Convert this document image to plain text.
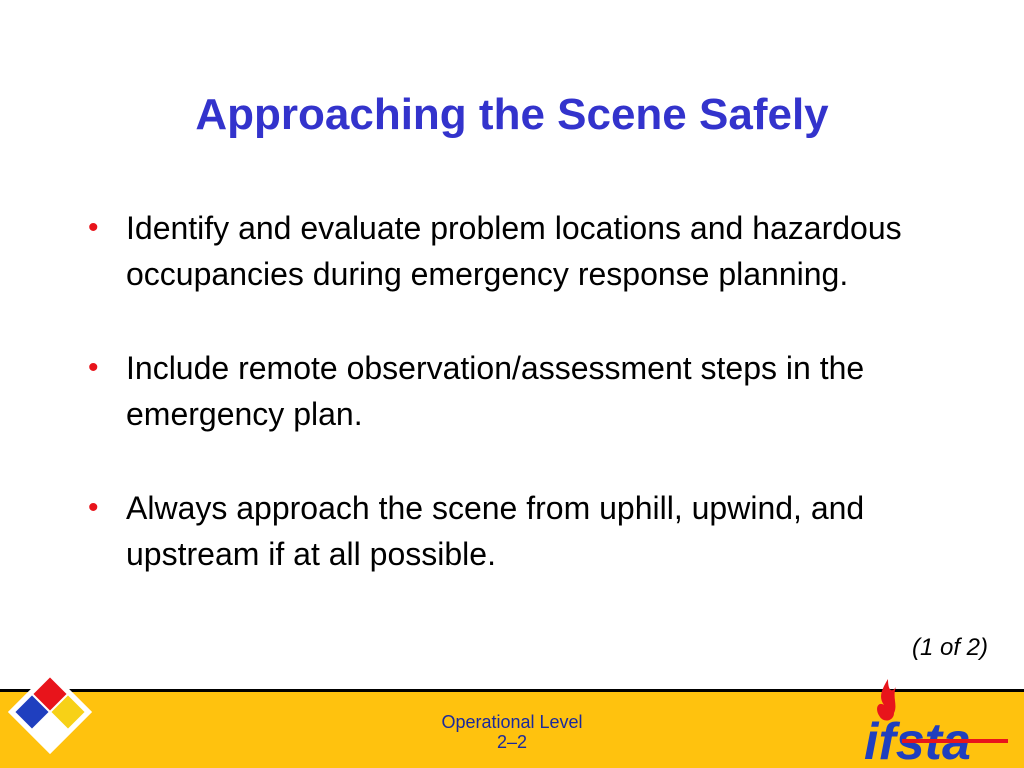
Approaching the Scene Safely
• Identify and evaluate problem locations and hazardous occupancies during emergency response planning.
• Include remote observation/assessment steps in the emergency plan.
• Always approach the scene from uphill, upwind, and upstream if at all possible.
(1 of 2)
Operational Level
2–2	ifsta
